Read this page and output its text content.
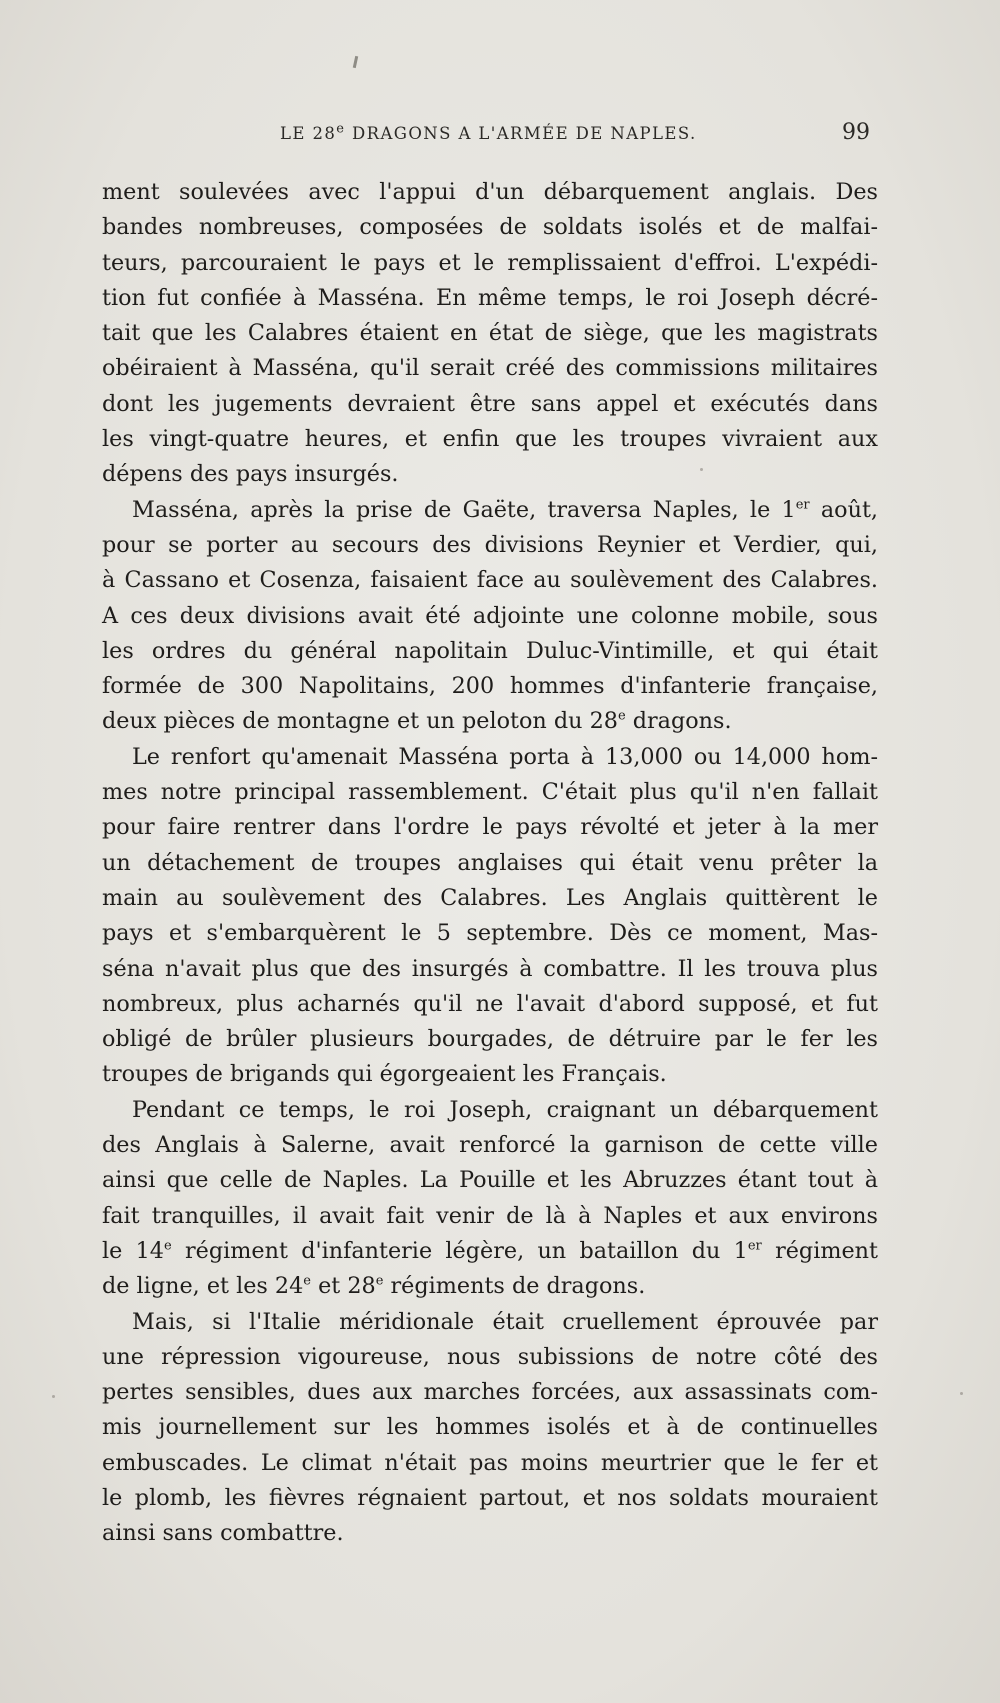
LE 28e DRAGONS A L'ARMÉE DE NAPLES.	99
ment soulevées avec l'appui d'un débarquement anglais. Des
bandes nombreuses, composées de soldats isolés et de malfai-
teurs, parcouraient le pays et le remplissaient d'effroi. L'expédi-
tion fut confiée à Masséna. En même temps, le roi Joseph décré-
tait que les Calabres étaient en état de siège, que les magistrats
obéiraient à Masséna, qu'il serait créé des commissions militaires
dont les jugements devraient être sans appel et exécutés dans
les vingt-quatre heures, et enfin que les troupes vivraient aux
dépens des pays insurgés.
Masséna, après la prise de Gaëte, traversa Naples, le 1er août,
pour se porter au secours des divisions Reynier et Verdier, qui,
à Cassano et Cosenza, faisaient face au soulèvement des Calabres.
A ces deux divisions avait été adjointe une colonne mobile, sous
les ordres du général napolitain Duluc-Vintimille, et qui était
formée de 300 Napolitains, 200 hommes d'infanterie française,
deux pièces de montagne et un peloton du 28e dragons.
Le renfort qu'amenait Masséna porta à 13,000 ou 14,000 hom-
mes notre principal rassemblement. C'était plus qu'il n'en fallait
pour faire rentrer dans l'ordre le pays révolté et jeter à la mer
un détachement de troupes anglaises qui était venu prêter la
main au soulèvement des Calabres. Les Anglais quittèrent le
pays et s'embarquèrent le 5 septembre. Dès ce moment, Mas-
séna n'avait plus que des insurgés à combattre. Il les trouva plus
nombreux, plus acharnés qu'il ne l'avait d'abord supposé, et fut
obligé de brûler plusieurs bourgades, de détruire par le fer les
troupes de brigands qui égorgeaient les Français.
Pendant ce temps, le roi Joseph, craignant un débarquement
des Anglais à Salerne, avait renforcé la garnison de cette ville
ainsi que celle de Naples. La Pouille et les Abruzzes étant tout à
fait tranquilles, il avait fait venir de là à Naples et aux environs
le 14e régiment d'infanterie légère, un bataillon du 1er régiment
de ligne, et les 24e et 28e régiments de dragons.
Mais, si l'Italie méridionale était cruellement éprouvée par
une répression vigoureuse, nous subissions de notre côté des
pertes sensibles, dues aux marches forcées, aux assassinats com-
mis journellement sur les hommes isolés et à de continuelles
embuscades. Le climat n'était pas moins meurtrier que le fer et
le plomb, les fièvres régnaient partout, et nos soldats mouraient
ainsi sans combattre.
